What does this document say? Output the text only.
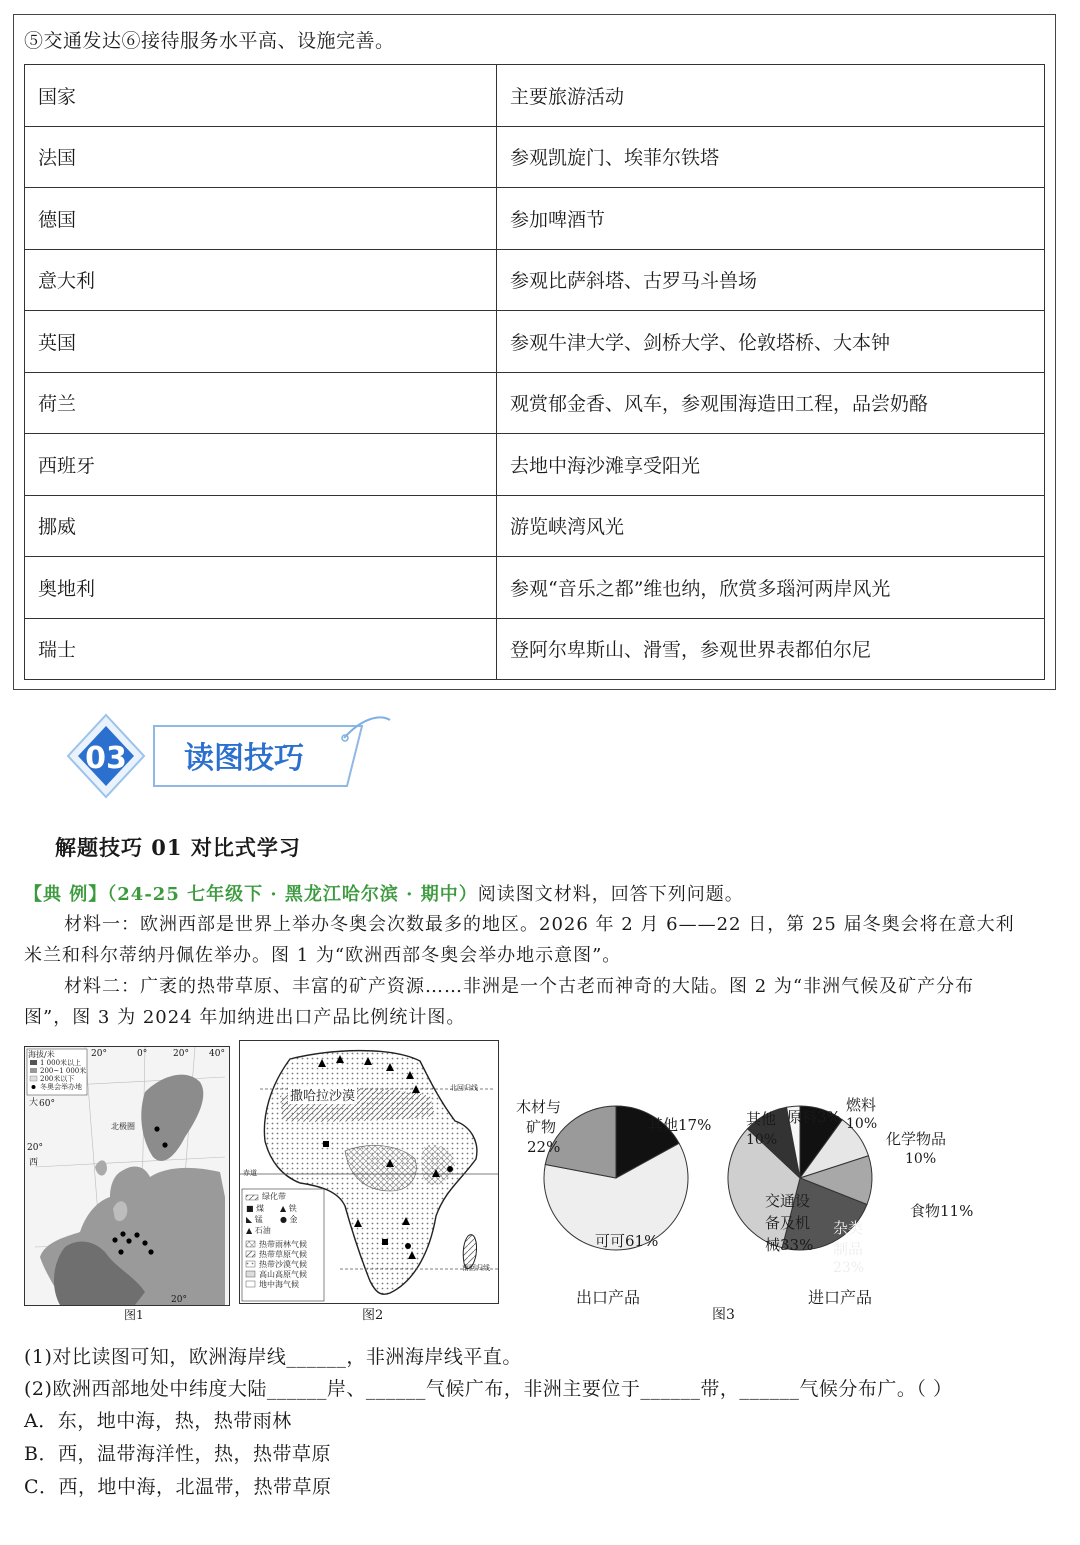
⑤交通发达⑥接待服务水平高、设施完善。
国家	主要旅游活动
法国	参观凯旋门、埃菲尔铁塔
德国	参加啤酒节
意大利	参观比萨斜塔、古罗马斗兽场
英国	参观牛津大学、剑桥大学、伦敦塔桥、大本钟
荷兰	观赏郁金香、风车，参观围海造田工程，品尝奶酪
西班牙	去地中海沙滩享受阳光
挪威	游览峡湾风光
奥地利	参观“音乐之都”维也纳，欣赏多瑙河两岸风光
瑞士	登阿尔卑斯山、滑雪，参观世界表都伯尔尼
03 读图技巧
解题技巧 01 对比式学习
【典 例】（24-25 七年级下 · 黑龙江哈尔滨 · 期中）阅读图文材料，回答下列问题。
材料一：欧洲西部是世界上举办冬奥会次数最多的地区。2026 年 2 月 6——22 日，第 25 届冬奥会将在意大利
米兰和科尔蒂纳丹佩佐举办。图 1 为“欧洲西部冬奥会举办地示意图”。
材料二：广袤的热带草原、丰富的矿产资源……非洲是一个古老而神奇的大陆。图 2 为“非洲气候及矿产分布
图”，图 3 为 2024 年加纳进出口产品比例统计图。
海拔/米
1 000米以上
200~1 000米
200米以下
冬奥会举办地
20°	0°	20° 40°
大 60°
20°
西
北极圈
20°
图1
撒哈拉沙漠
北回归线
赤道
南回归线
绿化带
■ 煤 ▲ 铁
◣ 锰 ● 金
▲ 石油
热带雨林气候
热带草原气候
热带沙漠气候
高山高原气候
地中海气候
图2
木材与
矿物
22%
其他17%
可可61%
出口产品
其他
10%
原料3%
燃料
10%
化学物品
10%
食物11%
杂类
制品
23%
交通设
备及机
械33%
进口产品
图3
(1)对比读图可知，欧洲海岸线______，非洲海岸线平直。
(2)欧洲西部地处中纬度大陆______岸、______气候广布，非洲主要位于______带，______气候分布广。（ ）
A．东，地中海，热，热带雨林
B．西，温带海洋性，热，热带草原
C．西，地中海，北温带，热带草原
